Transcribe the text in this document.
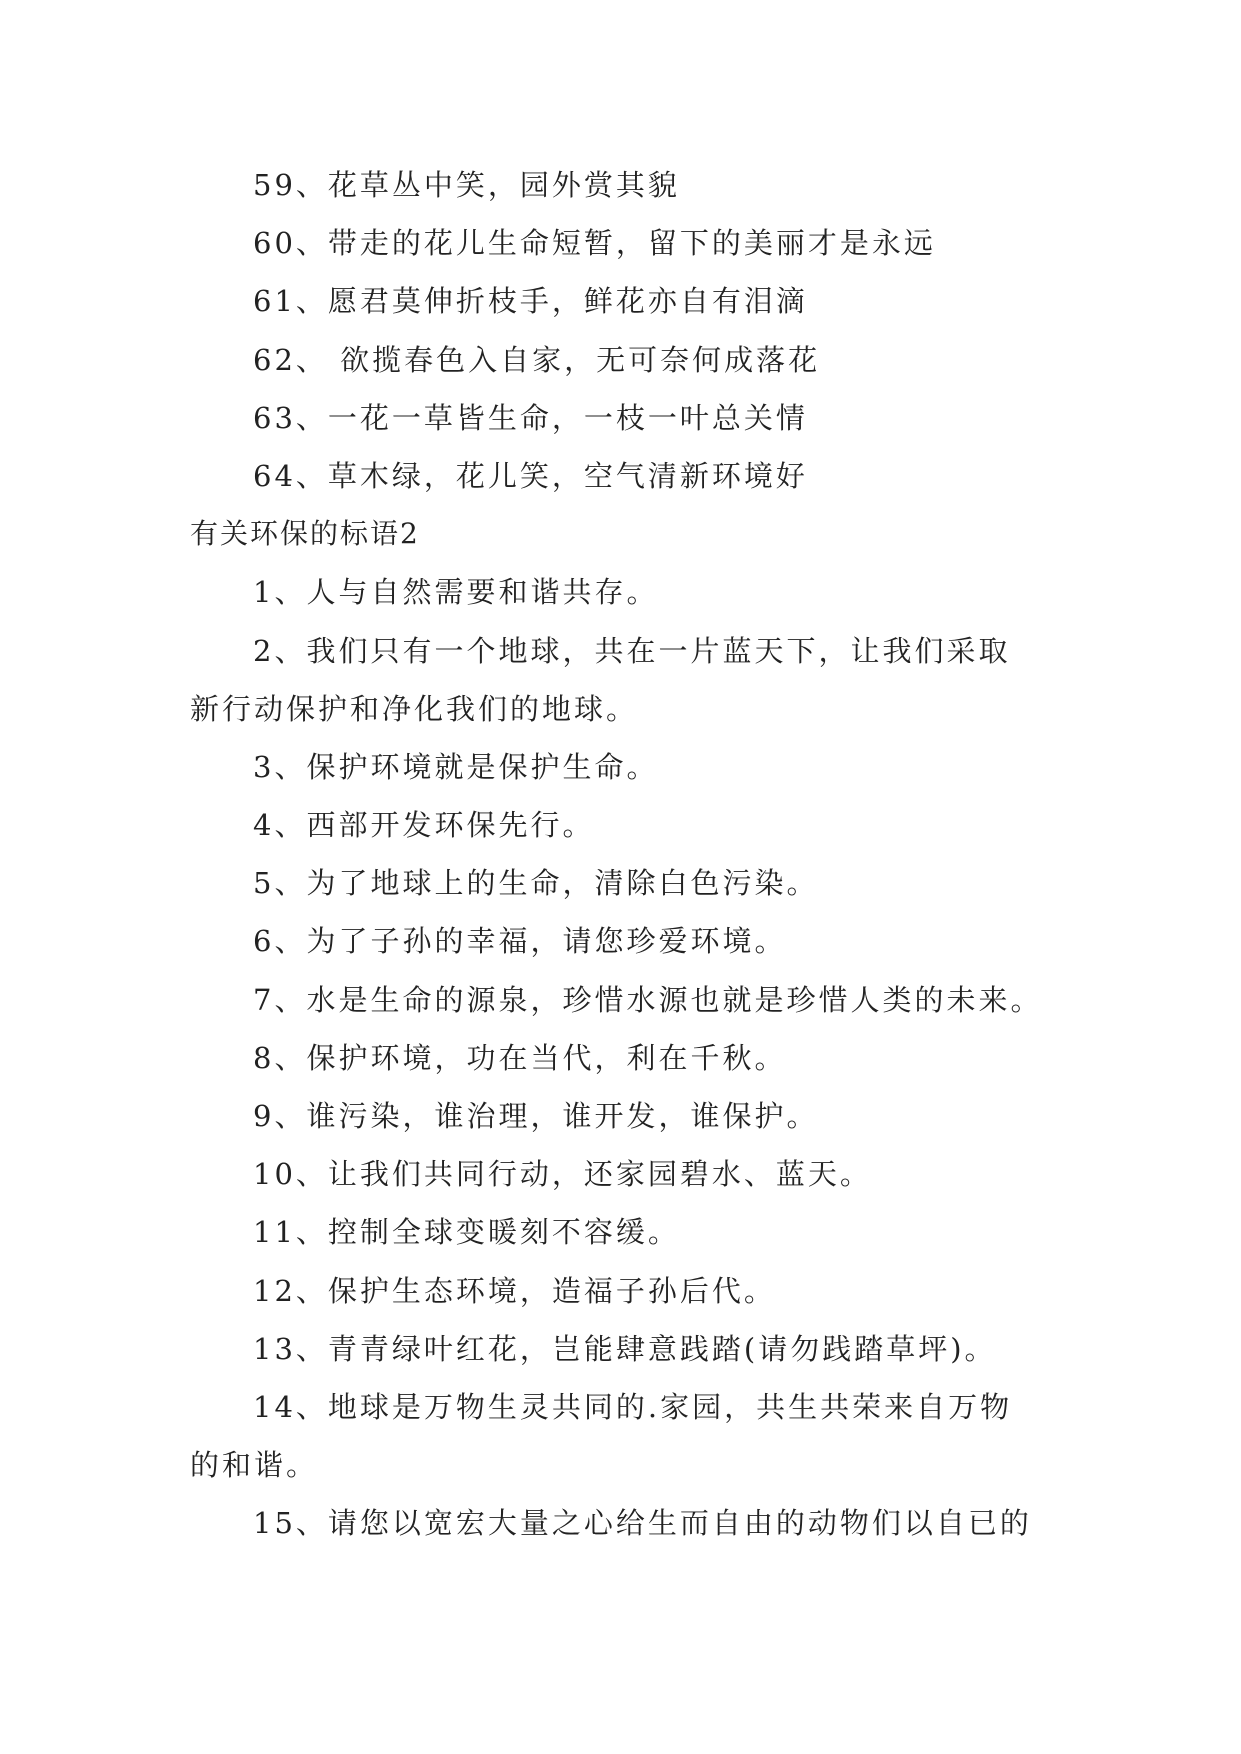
59、花草丛中笑，园外赏其貌
60、带走的花儿生命短暂，留下的美丽才是永远
61、愿君莫伸折枝手，鲜花亦自有泪滴
62、 欲揽春色入自家，无可奈何成落花
63、一花一草皆生命，一枝一叶总关情
64、草木绿，花儿笑，空气清新环境好
有关环保的标语2
1、人与自然需要和谐共存。
2、我们只有一个地球，共在一片蓝天下，让我们采取
新行动保护和净化我们的地球。
3、保护环境就是保护生命。
4、西部开发环保先行。
5、为了地球上的生命，清除白色污染。
6、为了子孙的幸福，请您珍爱环境。
7、水是生命的源泉，珍惜水源也就是珍惜人类的未来。
8、保护环境，功在当代，利在千秋。
9、谁污染，谁治理，谁开发，谁保护。
10、让我们共同行动，还家园碧水、蓝天。
11、控制全球变暖刻不容缓。
12、保护生态环境，造福子孙后代。
13、青青绿叶红花，岂能肆意践踏(请勿践踏草坪)。
14、地球是万物生灵共同的.家园，共生共荣来自万物
的和谐。
15、请您以宽宏大量之心给生而自由的动物们以自已的
